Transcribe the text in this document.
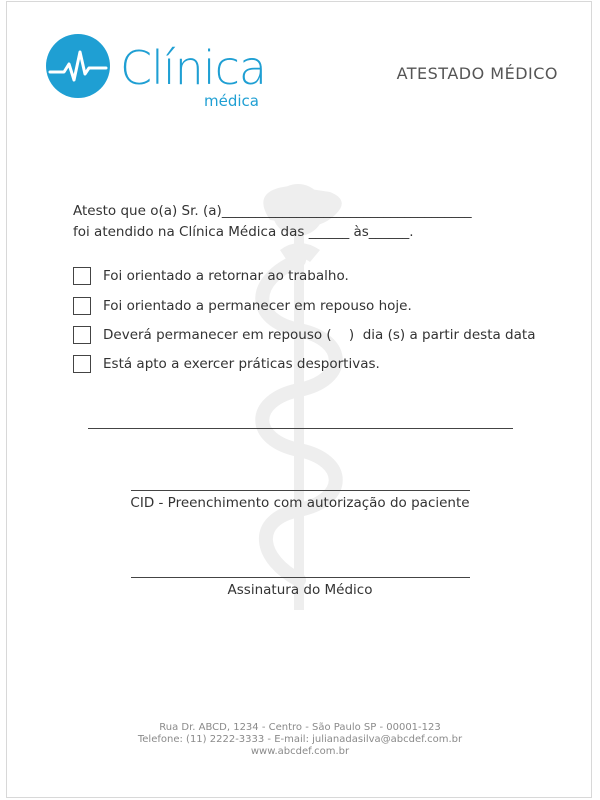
Clínica
médica
ATESTADO MÉDICO
Atesto que o(a) Sr. (a)_____________________________________
foi atendido na Clínica Médica das ______ às______.
Foi orientado a retornar ao trabalho.
Foi orientado a permanecer em repouso hoje.
Deverá permanecer em repouso (    )  dia (s) a partir desta data
Está apto a exercer práticas desportivas.
CID - Preenchimento com autorização do paciente
Assinatura do Médico
Rua Dr. ABCD, 1234 - Centro - São Paulo SP - 00001-123
Telefone: (11) 2222-3333 - E-mail: julianadasilva@abcdef.com.br
www.abcdef.com.br
